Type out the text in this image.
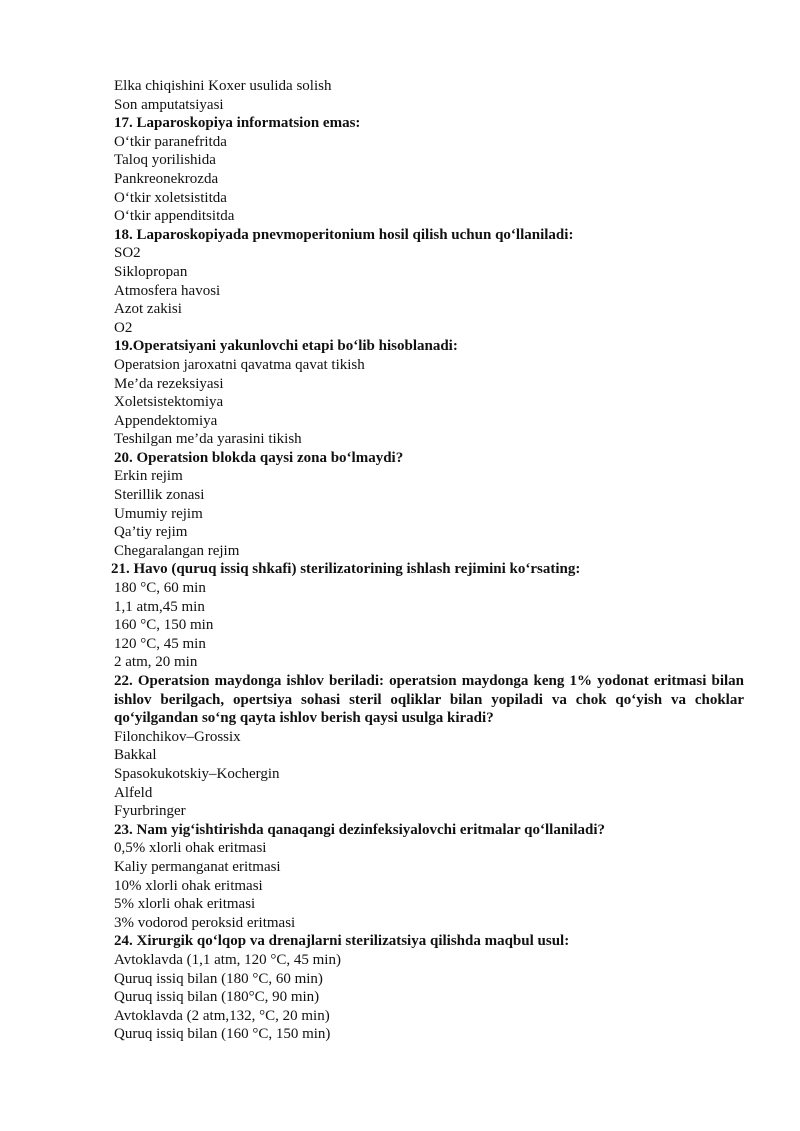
Elka chiqishini Koxer usulida solish
Son amputatsiyasi
17. Laparoskopiya informatsion emas:
O‘tkir paranefritda
Taloq yorilishida
Pankreonekrozda
O‘tkir xoletsistitda
O‘tkir appenditsitda
18. Laparoskopiyada pnevmoperitonium hosil qilish uchun qo‘llaniladi:
SO2
Siklopropan
Atmosfera havosi
Azot zakisi
O2
19.Operatsiyani yakunlovchi etapi bo‘lib hisoblanadi:
Operatsion jaroxatni qavatma qavat tikish
Me’da rezeksiyasi
Xoletsistektomiya
Appendektomiya
Teshilgan me’da yarasini tikish
20. Operatsion blokda qaysi zona bo‘lmaydi?
Erkin rejim
Sterillik zonasi
Umumiy rejim
Qa’tiy rejim
Chegaralangan rejim
21. Havo (quruq issiq shkafi) sterilizatorining ishlash rejimini ko‘rsating:
180 °C, 60 min
1,1 atm,45 min
160 °C, 150 min
120 °C, 45 min
2 atm, 20 min
22. Operatsion maydonga ishlov beriladi: operatsion maydonga keng 1% yodonat eritmasi bilan ishlov berilgach, opertsiya sohasi steril oqliklar bilan yopiladi va chok qo‘yish va choklar qo‘yilgandan so‘ng qayta ishlov berish qaysi usulga kiradi?
Filonchikov–Grossix
Bakkal
Spasokukotskiy–Kochergin
Alfeld
Fyurbringer
23. Nam yig‘ishtirishda qanaqangi dezinfeksiyalovchi eritmalar qo‘llaniladi?
0,5% xlorli ohak eritmasi
Kaliy permanganat eritmasi
10% xlorli ohak eritmasi
5% xlorli ohak eritmasi
3% vodorod peroksid eritmasi
24. Xirurgik qo‘lqop va drenajlarni sterilizatsiya qilishda maqbul usul:
Avtoklavda (1,1 atm, 120 °C, 45 min)
Quruq issiq bilan (180 °C, 60 min)
Quruq issiq bilan (180°C, 90 min)
Avtoklavda (2 atm,132, °C, 20 min)
Quruq issiq bilan (160 °C, 150 min)
